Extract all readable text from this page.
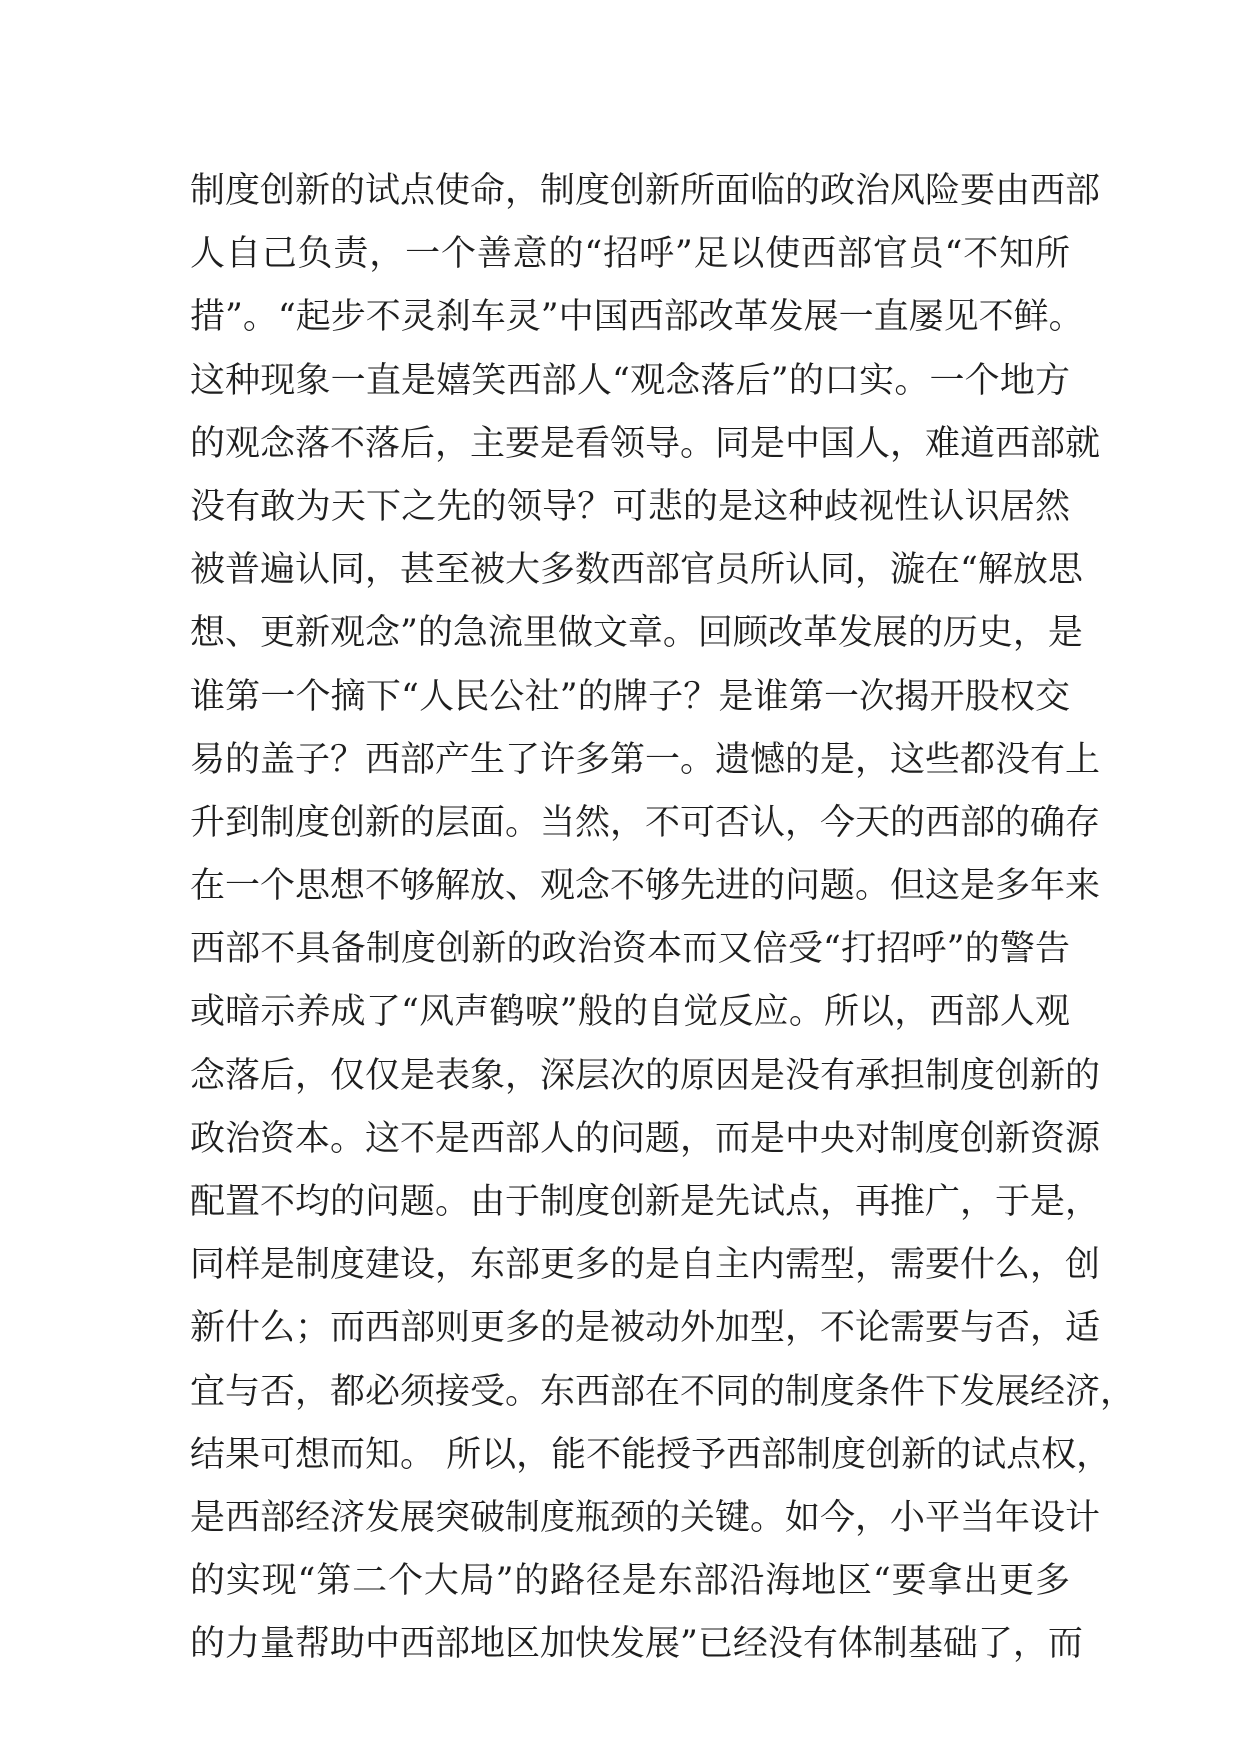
制度创新的试点使命，制度创新所面临的政治风险要由西部
人自己负责，一个善意的“招呼”足以使西部官员“不知所
措”。“起步不灵刹车灵”中国西部改革发展一直屡见不鲜。
这种现象一直是嬉笑西部人“观念落后”的口实。一个地方
的观念落不落后，主要是看领导。同是中国人，难道西部就
没有敢为天下之先的领导？可悲的是这种歧视性认识居然
被普遍认同，甚至被大多数西部官员所认同，漩在“解放思
想、更新观念”的急流里做文章。回顾改革发展的历史，是
谁第一个摘下“人民公社”的牌子？是谁第一次揭开股权交
易的盖子？西部产生了许多第一。遗憾的是，这些都没有上
升到制度创新的层面。当然，不可否认，今天的西部的确存
在一个思想不够解放、观念不够先进的问题。但这是多年来
西部不具备制度创新的政治资本而又倍受“打招呼”的警告
或暗示养成了“风声鹤唳”般的自觉反应。所以，西部人观
念落后，仅仅是表象，深层次的原因是没有承担制度创新的
政治资本。这不是西部人的问题，而是中央对制度创新资源
配置不均的问题。由于制度创新是先试点，再推广，于是，
同样是制度建设，东部更多的是自主内需型，需要什么，创
新什么；而西部则更多的是被动外加型，不论需要与否，适
宜与否，都必须接受。东西部在不同的制度条件下发展经济，
结果可想而知。 所以，能不能授予西部制度创新的试点权，
是西部经济发展突破制度瓶颈的关键。如今，小平当年设计
的实现“第二个大局”的路径是东部沿海地区“要拿出更多
的力量帮助中西部地区加快发展”已经没有体制基础了，而
